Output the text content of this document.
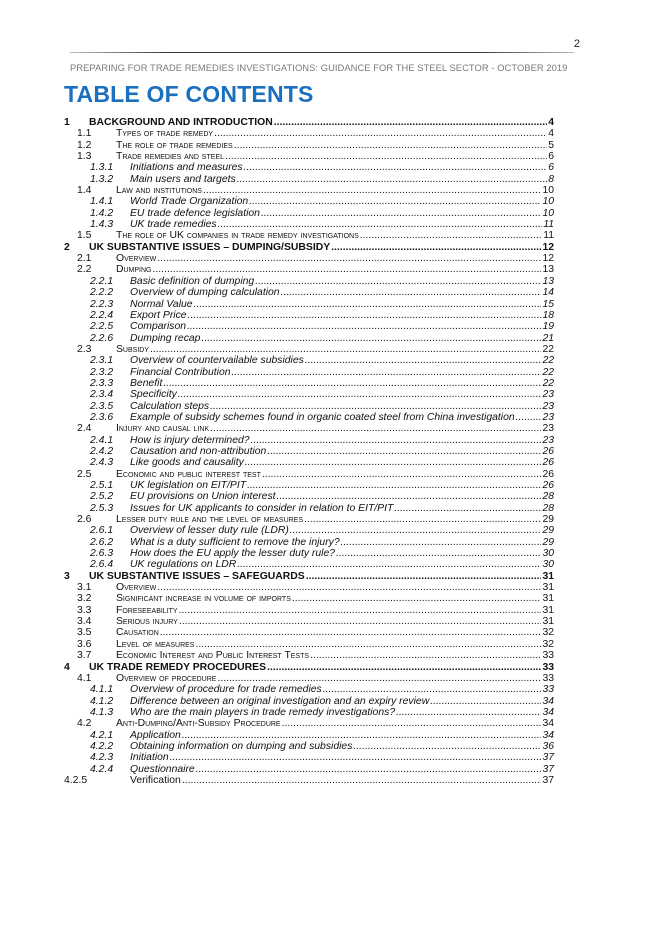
2
PREPARING FOR TRADE REMEDIES INVESTIGATIONS: GUIDANCE FOR THE STEEL SECTOR - OCTOBER 2019
TABLE OF CONTENTS
1 BACKGROUND AND INTRODUCTION .....	4
1.1 Types of trade remedy .....	4
1.2 The role of trade remedies .....	5
1.3 Trade remedies and steel .....	6
1.3.1 Initiations and measures .....	6
1.3.2 Main users and targets .....	8
1.4 Law and institutions .....	10
1.4.1 World Trade Organization .....	10
1.4.2 EU trade defence legislation .....	10
1.4.3 UK trade remedies .....	11
1.5 The role of UK companies in trade remedy investigations .....	11
2 UK SUBSTANTIVE ISSUES – DUMPING/SUBSIDY .....	12
2.1 Overview .....	12
2.2 Dumping .....	13
2.2.1 Basic definition of dumping .....	13
2.2.2 Overview of dumping calculation .....	14
2.2.3 Normal Value .....	15
2.2.4 Export Price .....	18
2.2.5 Comparison .....	19
2.2.6 Dumping recap .....	21
2.3 Subsidy .....	22
2.3.1 Overview of countervailable subsidies .....	22
2.3.2 Financial Contribution .....	22
2.3.3 Benefit .....	22
2.3.4 Specificity .....	23
2.3.5 Calculation steps .....	23
2.3.6 Example of subsidy schemes found in organic coated steel from China investigation .....	23
2.4 Injury and causal link .....	23
2.4.1 How is injury determined? .....	23
2.4.2 Causation and non-attribution .....	26
2.4.3 Like goods and causality .....	26
2.5 Economic and public interest test .....	26
2.5.1 UK legislation on EIT/PIT .....	26
2.5.2 EU provisions on Union interest .....	28
2.5.3 Issues for UK applicants to consider in relation to EIT/PIT .....	28
2.6 Lesser duty rule and the level of measures .....	29
2.6.1 Overview of lesser duty rule (LDR) .....	29
2.6.2 What is a duty sufficient to remove the injury? .....	29
2.6.3 How does the EU apply the lesser duty rule? .....	30
2.6.4 UK regulations on LDR .....	30
3 UK SUBSTANTIVE ISSUES – SAFEGUARDS .....	31
3.1 Overview .....	31
3.2 Significant increase in volume of imports .....	31
3.3 Foreseeability .....	31
3.4 Serious injury .....	31
3.5 Causation .....	32
3.6 Level of measures .....	32
3.7 Economic Interest and Public Interest Tests .....	33
4 UK TRADE REMEDY PROCEDURES .....	33
4.1 Overview of procedure .....	33
4.1.1 Overview of procedure for trade remedies .....	33
4.1.2 Difference between an original investigation and an expiry review .....	34
4.1.3 Who are the main players in trade remedy investigations? .....	34
4.2 Anti-Dumping/Anti-Subsidy Procedure .....	34
4.2.1 Application .....	34
4.2.2 Obtaining information on dumping and subsidies .....	36
4.2.3 Initiation .....	37
4.2.4 Questionnaire .....	37
4.2.5	Verification .....	37
